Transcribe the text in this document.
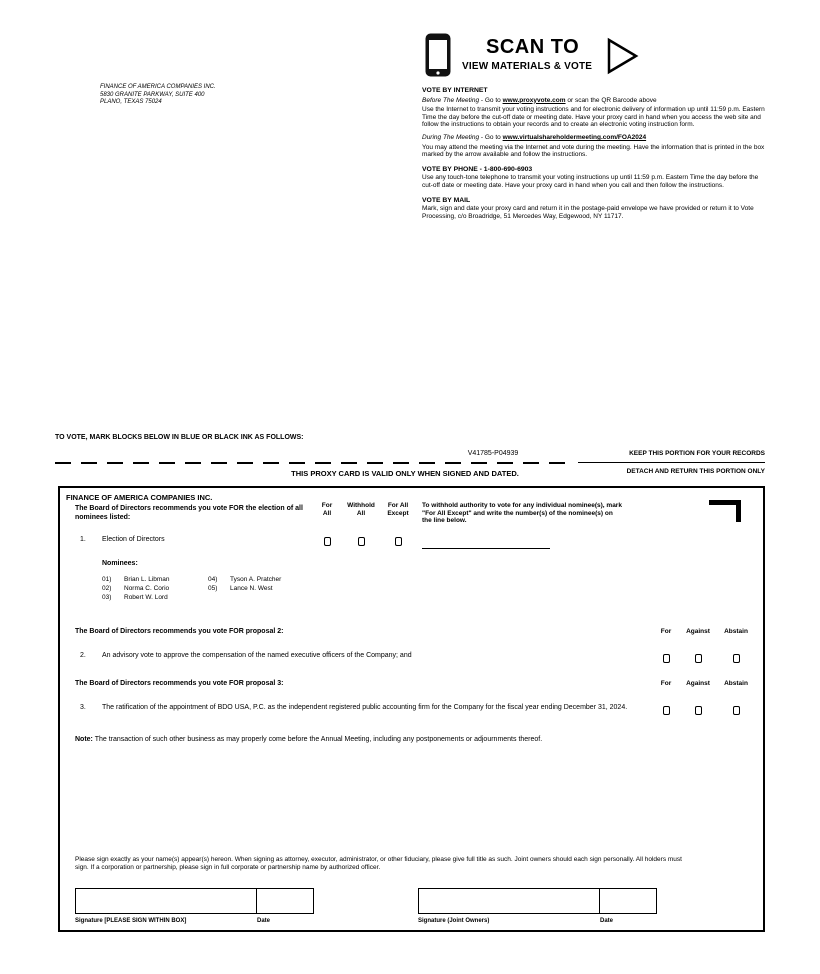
SCAN TO
VIEW MATERIALS & VOTE
FINANCE OF AMERICA COMPANIES INC.
5830 GRANITE PARKWAY, SUITE 400
PLANO, TEXAS 75024
VOTE BY INTERNET
Before The Meeting - Go to www.proxyvote.com or scan the QR Barcode above
Use the Internet to transmit your voting instructions and for electronic delivery of information up until 11:59 p.m. Eastern Time the day before the cut-off date or meeting date. Have your proxy card in hand when you access the web site and follow the instructions to obtain your records and to create an electronic voting instruction form.
During The Meeting - Go to www.virtualshareholdermeeting.com/FOA2024
You may attend the meeting via the Internet and vote during the meeting. Have the information that is printed in the box marked by the arrow available and follow the instructions.
VOTE BY PHONE - 1-800-690-6903
Use any touch-tone telephone to transmit your voting instructions up until 11:59 p.m. Eastern Time the day before the cut-off date or meeting date. Have your proxy card in hand when you call and then follow the instructions.
VOTE BY MAIL
Mark, sign and date your proxy card and return it in the postage-paid envelope we have provided or return it to Vote Processing, c/o Broadridge, 51 Mercedes Way, Edgewood, NY 11717.
TO VOTE, MARK BLOCKS BELOW IN BLUE OR BLACK INK AS FOLLOWS:
V41785-P04939	KEEP THIS PORTION FOR YOUR RECORDS
THIS PROXY CARD IS VALID ONLY WHEN SIGNED AND DATED.	DETACH AND RETURN THIS PORTION ONLY
FINANCE OF AMERICA COMPANIES INC.
The Board of Directors recommends you vote FOR the election of all nominees listed:
For
All
Withhold
All
For All
Except
To withhold authority to vote for any individual nominee(s), mark "For All Except" and write the number(s) of the nominee(s) on the line below.
1. Election of Directors
Nominees:
01) Brian L. Libman
02) Norma C. Corio
03) Robert W. Lord
04) Tyson A. Pratcher
05) Lance N. West
The Board of Directors recommends you vote FOR proposal 2:	For	Against	Abstain
2. An advisory vote to approve the compensation of the named executive officers of the Company; and
The Board of Directors recommends you vote FOR proposal 3:	For	Against	Abstain
3. The ratification of the appointment of BDO USA, P.C. as the independent registered public accounting firm for the Company for the fiscal year ending December 31, 2024.
Note: The transaction of such other business as may properly come before the Annual Meeting, including any postponements or adjournments thereof.
Please sign exactly as your name(s) appear(s) hereon. When signing as attorney, executor, administrator, or other fiduciary, please give full title as such. Joint owners should each sign personally. All holders must sign. If a corporation or partnership, please sign in full corporate or partnership name by authorized officer.
Signature [PLEASE SIGN WITHIN BOX]	Date	Signature (Joint Owners)	Date
